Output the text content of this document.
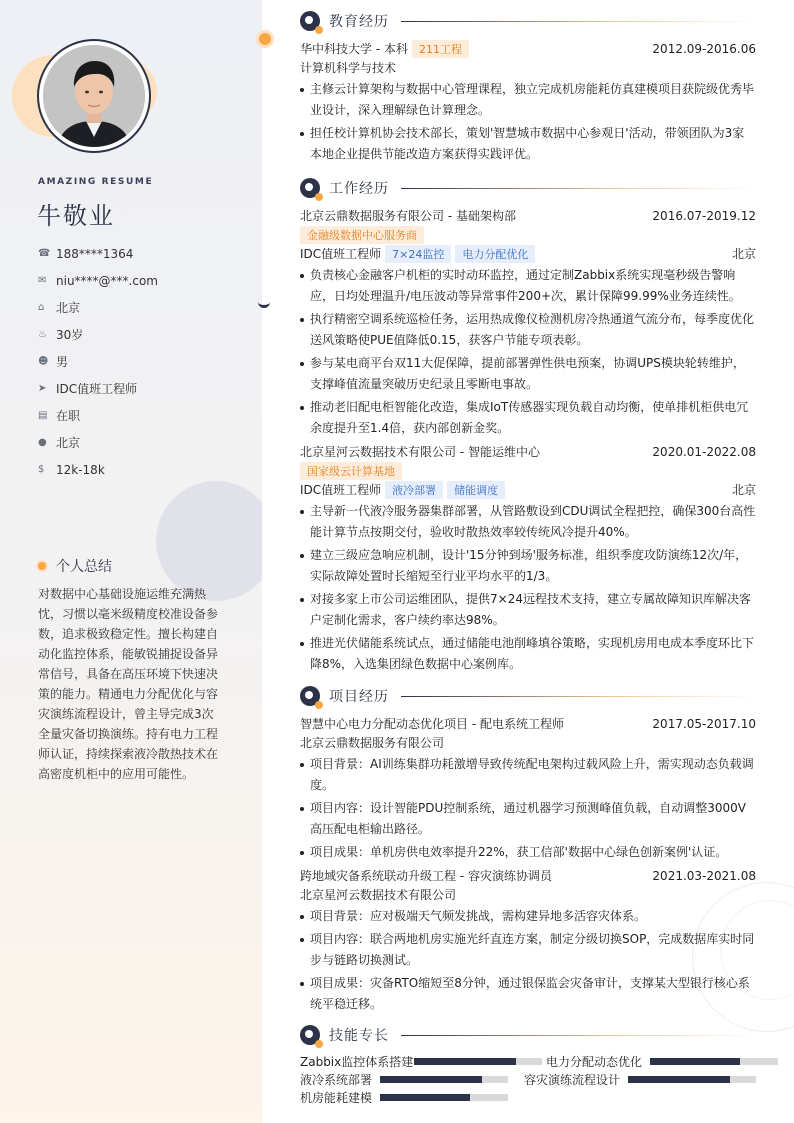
AMAZING RESUME
牛敬业
☎ 188****1364
✉ niu****@***.com
⌂ 北京
♨ 30岁
☻ 男
➤ IDC值班工程师
▤ 在职
● 北京
$ 12k-18k
个人总结
对数据中心基础设施运维充满热忱，习惯以毫米级精度校准设备参数，追求极致稳定性。擅长构建自动化监控体系，能敏锐捕捉设备异常信号，具备在高压环境下快速决策的能力。精通电力分配优化与容灾演练流程设计，曾主导完成3次全量灾备切换演练。持有电力工程师认证，持续探索液冷散热技术在高密度机柜中的应用可能性。
教育经历
华中科技大学 - 本科 211工程	2012.09-2016.06
计算机科学与技术
主修云计算架构与数据中心管理课程，独立完成机房能耗仿真建模项目获院级优秀毕业设计，深入理解绿色计算理念。
担任校计算机协会技术部长，策划'智慧城市数据中心参观日'活动，带领团队为3家本地企业提供节能改造方案获得实践评优。
工作经历
北京云鼎数据服务有限公司 - 基础架构部	2016.07-2019.12
金融级数据中心服务商
IDC值班工程师 7×24监控 电力分配优化	北京
负责核心金融客户机柜的实时动环监控，通过定制Zabbix系统实现毫秒级告警响应，日均处理温升/电压波动等异常事件200+次，累计保障99.99%业务连续性。
执行精密空调系统巡检任务，运用热成像仪检测机房冷热通道气流分布，每季度优化送风策略使PUE值降低0.15，获客户节能专项表彰。
参与某电商平台双11大促保障，提前部署弹性供电预案，协调UPS模块轮转维护，支撑峰值流量突破历史纪录且零断电事故。
推动老旧配电柜智能化改造，集成IoT传感器实现负载自动均衡，使单排机柜供电冗余度提升至1.4倍，获内部创新金奖。
北京星河云数据技术有限公司 - 智能运维中心	2020.01-2022.08
国家级云计算基地
IDC值班工程师 液冷部署 储能调度	北京
主导新一代液冷服务器集群部署，从管路敷设到CDU调试全程把控，确保300台高性能计算节点按期交付，验收时散热效率较传统风冷提升40%。
建立三级应急响应机制，设计'15分钟到场'服务标准，组织季度攻防演练12次/年，实际故障处置时长缩短至行业平均水平的1/3。
对接多家上市公司运维团队，提供7×24远程技术支持，建立专属故障知识库解决客户定制化需求，客户续约率达98%。
推进光伏储能系统试点，通过储能电池削峰填谷策略，实现机房用电成本季度环比下降8%，入选集团绿色数据中心案例库。
项目经历
智慧中心电力分配动态优化项目 - 配电系统工程师	2017.05-2017.10
北京云鼎数据服务有限公司
项目背景：AI训练集群功耗激增导致传统配电架构过载风险上升，需实现动态负载调度。
项目内容：设计智能PDU控制系统，通过机器学习预测峰值负载，自动调整3000V高压配电柜输出路径。
项目成果：单机房供电效率提升22%，获工信部'数据中心绿色创新案例'认证。
跨地域灾备系统联动升级工程 - 容灾演练协调员	2021.03-2021.08
北京星河云数据技术有限公司
项目背景：应对极端天气频发挑战，需构建异地多活容灾体系。
项目内容：联合两地机房实施光纤直连方案，制定分级切换SOP，完成数据库实时同步与链路切换测试。
项目成果：灾备RTO缩短至8分钟，通过银保监会灾备审计，支撑某大型银行核心系统平稳迁移。
技能专长
Zabbix监控体系搭建	电力分配动态优化
液冷系统部署	容灾演练流程设计
机房能耗建模
